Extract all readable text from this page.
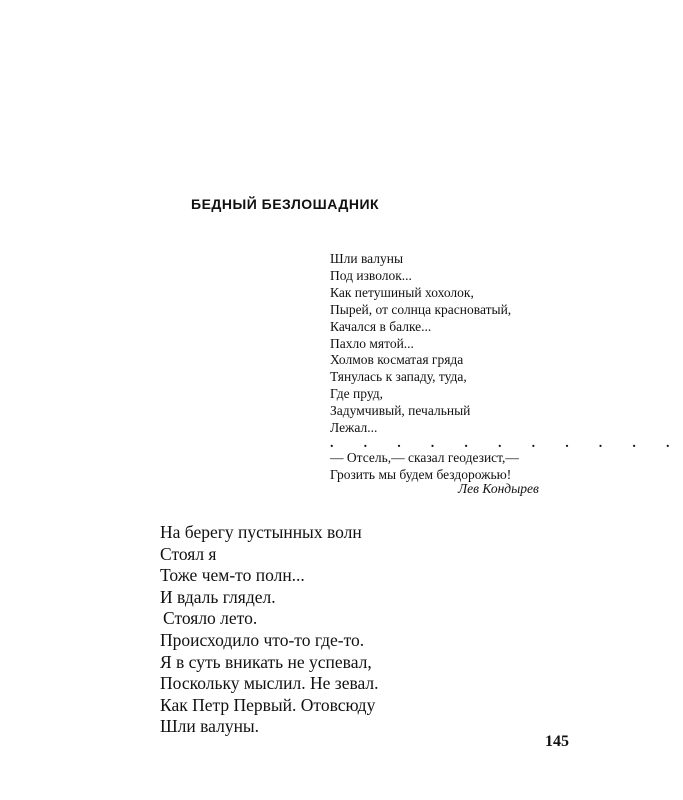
БЕДНЫЙ БЕЗЛОШАДНИК
Шли валуны
Под изволок...
Как петушиный хохолок,
Пырей, от солнца красноватый,
Качался в балке...
Пахло мятой...
Холмов косматая гряда
Тянулась к западу, туда,
Где пруд,
Задумчивый, печальный
Лежал...
. . . . . . . . . . .
— Отсель,— сказал геодезист,—
Грозить мы будем бездорожью!
Лев Кондырев
На берегу пустынных волн
Стоял я
Тоже чем-то полн...
И вдаль глядел.
Стояло лето.
Происходило что-то где-то.
Я в суть вникать не успевал,
Поскольку мыслил. Не зевал.
Как Петр Первый. Отовсюду
Шли валуны.
145
